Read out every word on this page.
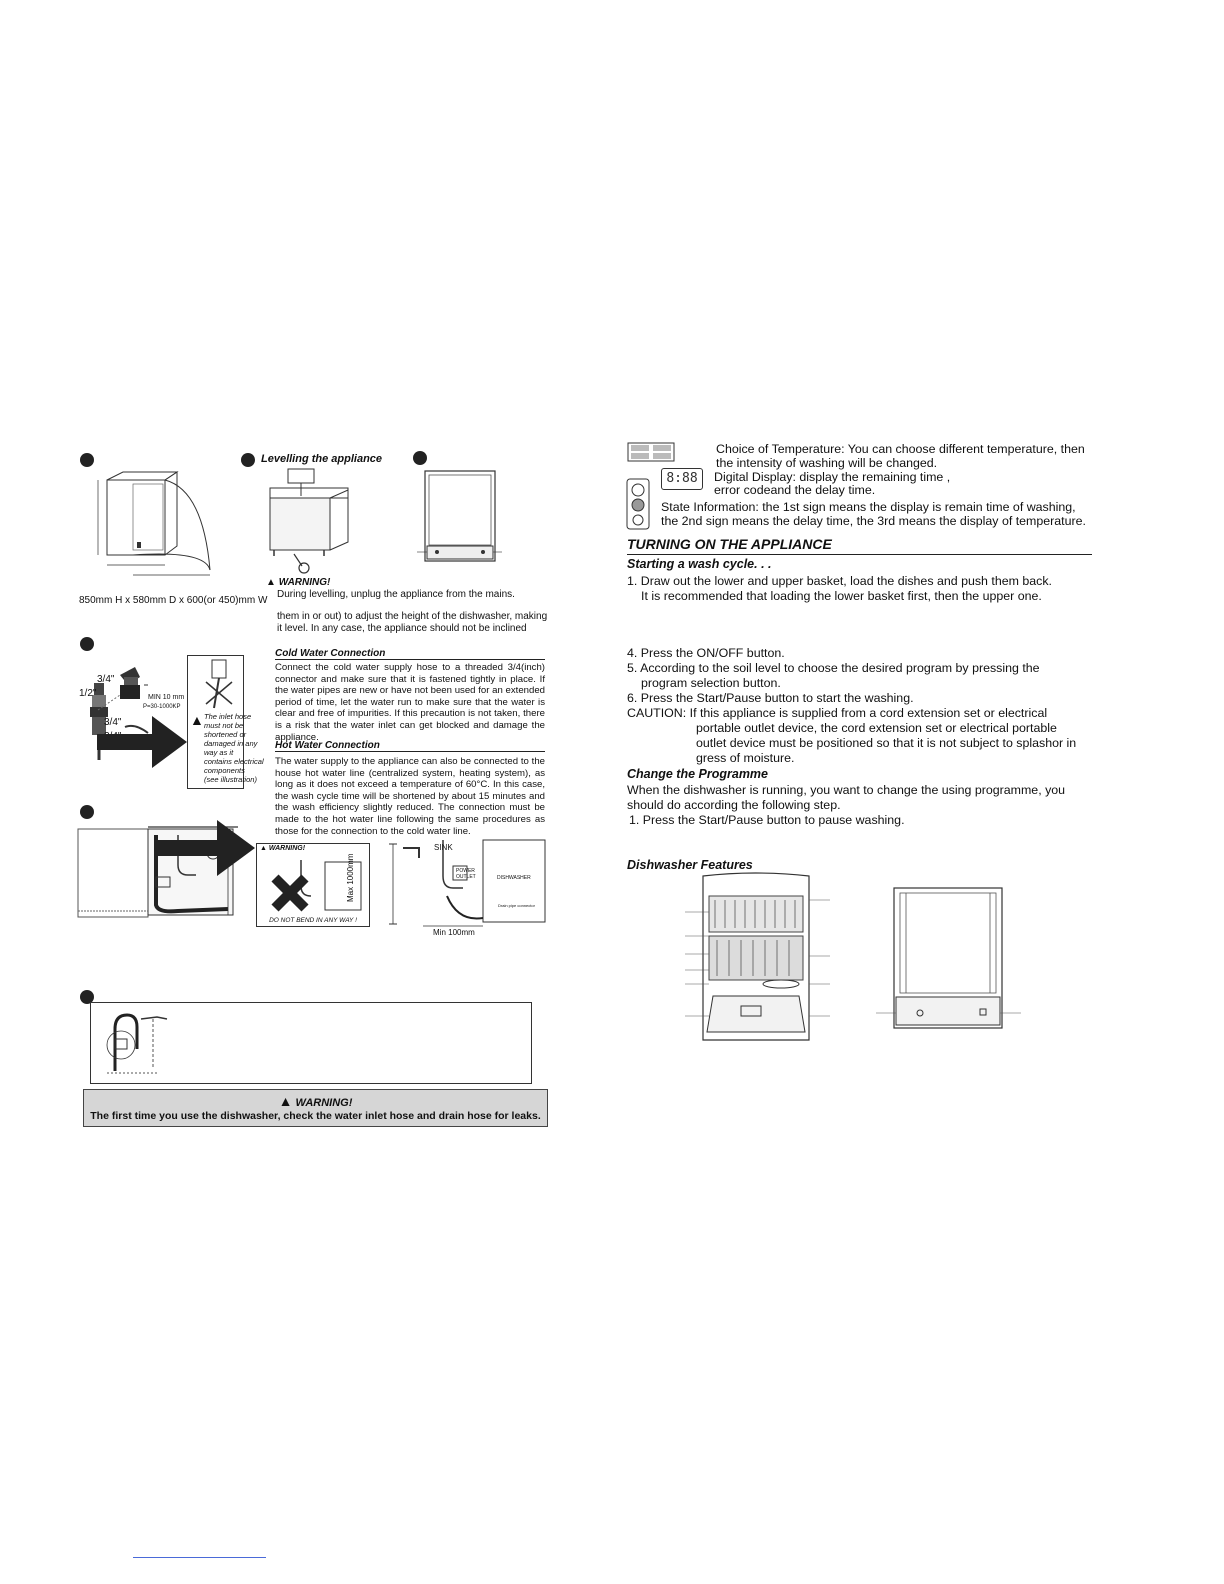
Levelling the appliance
850mm H x 580mm D x 600(or 450)mm W
▲ WARNING!
During levelling, unplug the appliance from the mains.
them in or out) to adjust the height of the dishwasher, making
it level. In any case, the appliance should not be inclined
3/4"
1/2"	MIN 10 mm
P=30-1000KP
3/4"	▲ The inlet hose
must not be
shortened or
damaged in any
way as it
contains electrical
components
(see illustration)
Cold Water Connection
Connect the cold water supply hose to a threaded 3/4(inch) connector and make sure that it is fastened tightly in place. If the water pipes are new or have not been used for an extended period of time, let the water run to make sure that the water is clear and free of impurities. If this precaution is not taken, there is a risk that the water inlet can get blocked and damage the appliance.
Hot Water Connection
The water supply to the appliance can also be connected to the house hot water line (centralized system, heating system), as long as it does not exceed a temperature of 60°C. In this case, the wash cycle time will be shortened by about 15 minutes and the wash efficiency slightly reduced. The connection must be made to the hot water line following the same procedures as those for the connection to the cold water line.
▲ WARNING!
DO NOT BEND IN ANY WAY !
SINK
DISHWASHER
POWER OUTLET
Drain pipe connector
Max 1000mm
Min 100mm
▲ WARNING!
The first time you use the dishwasher, check the water inlet hose and drain hose for leaks.
8:88
Choice of Temperature: You can choose different temperature, then
the intensity of washing will be changed.
Digital Display: display the remaining time ,
error codeand the delay time.
State Information: the 1st sign means the display is remain time of washing,
the 2nd sign means the delay time, the 3rd means the display of temperature.
TURNING ON THE APPLIANCE
Starting a wash cycle. . .
1. Draw out the lower and upper basket, load the dishes and push them back.
It is recommended that loading the lower basket first, then the upper one.
4. Press the ON/OFF button.
5. According to the soil level to choose the desired program by pressing the
program selection button.
6. Press the Start/Pause button to start the washing.
CAUTION: If this appliance is supplied from a cord extension set or electrical
portable outlet device, the cord extension set or electrical portable
outlet device must be positioned so that it is not subject to splashor in
gress of moisture.
Change the Programme
When the dishwasher is running, you want to change the using programme, you
should do according the following step.
1. Press the Start/Pause button to pause washing.
Dishwasher Features
